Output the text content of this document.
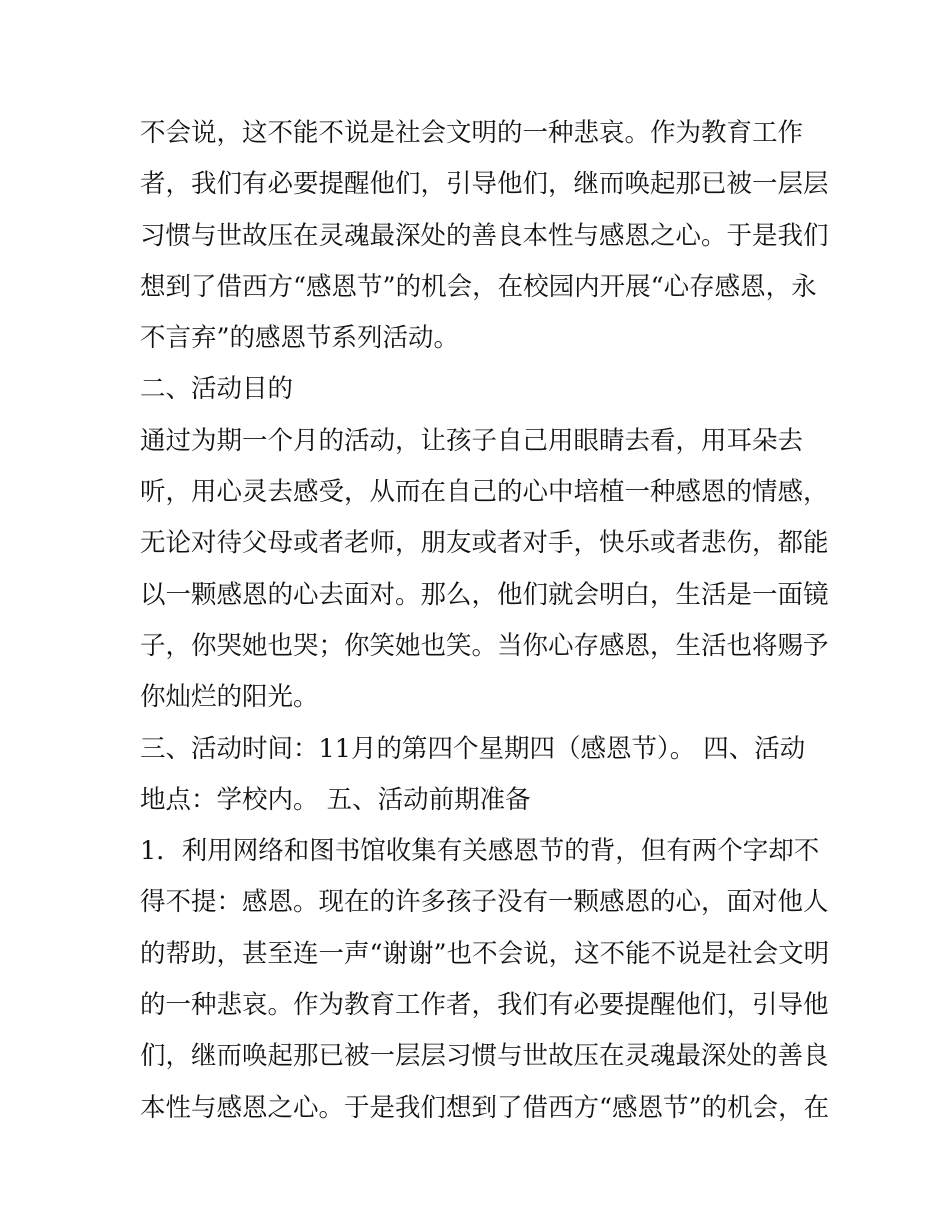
不会说，这不能不说是社会文明的一种悲哀。作为教育工作
者，我们有必要提醒他们，引导他们，继而唤起那已被一层层
习惯与世故压在灵魂最深处的善良本性与感恩之心。于是我们
想到了借西方“感恩节”的机会，在校园内开展“心存感恩，永
不言弃”的感恩节系列活动。
二、活动目的
通过为期一个月的活动，让孩子自己用眼睛去看，用耳朵去
听，用心灵去感受，从而在自己的心中培植一种感恩的情感，
无论对待父母或者老师，朋友或者对手，快乐或者悲伤，都能
以一颗感恩的心去面对。那么，他们就会明白，生活是一面镜
子，你哭她也哭；你笑她也笑。当你心存感恩，生活也将赐予
你灿烂的阳光。
三、活动时间：11月的第四个星期四（感恩节）。 四、活动
地点：学校内。 五、活动前期准备
1．利用网络和图书馆收集有关感恩节的背，但有两个字却不
得不提：感恩。现在的许多孩子没有一颗感恩的心，面对他人
的帮助，甚至连一声“谢谢”也不会说，这不能不说是社会文明
的一种悲哀。作为教育工作者，我们有必要提醒他们，引导他
们，继而唤起那已被一层层习惯与世故压在灵魂最深处的善良
本性与感恩之心。于是我们想到了借西方“感恩节”的机会，在
